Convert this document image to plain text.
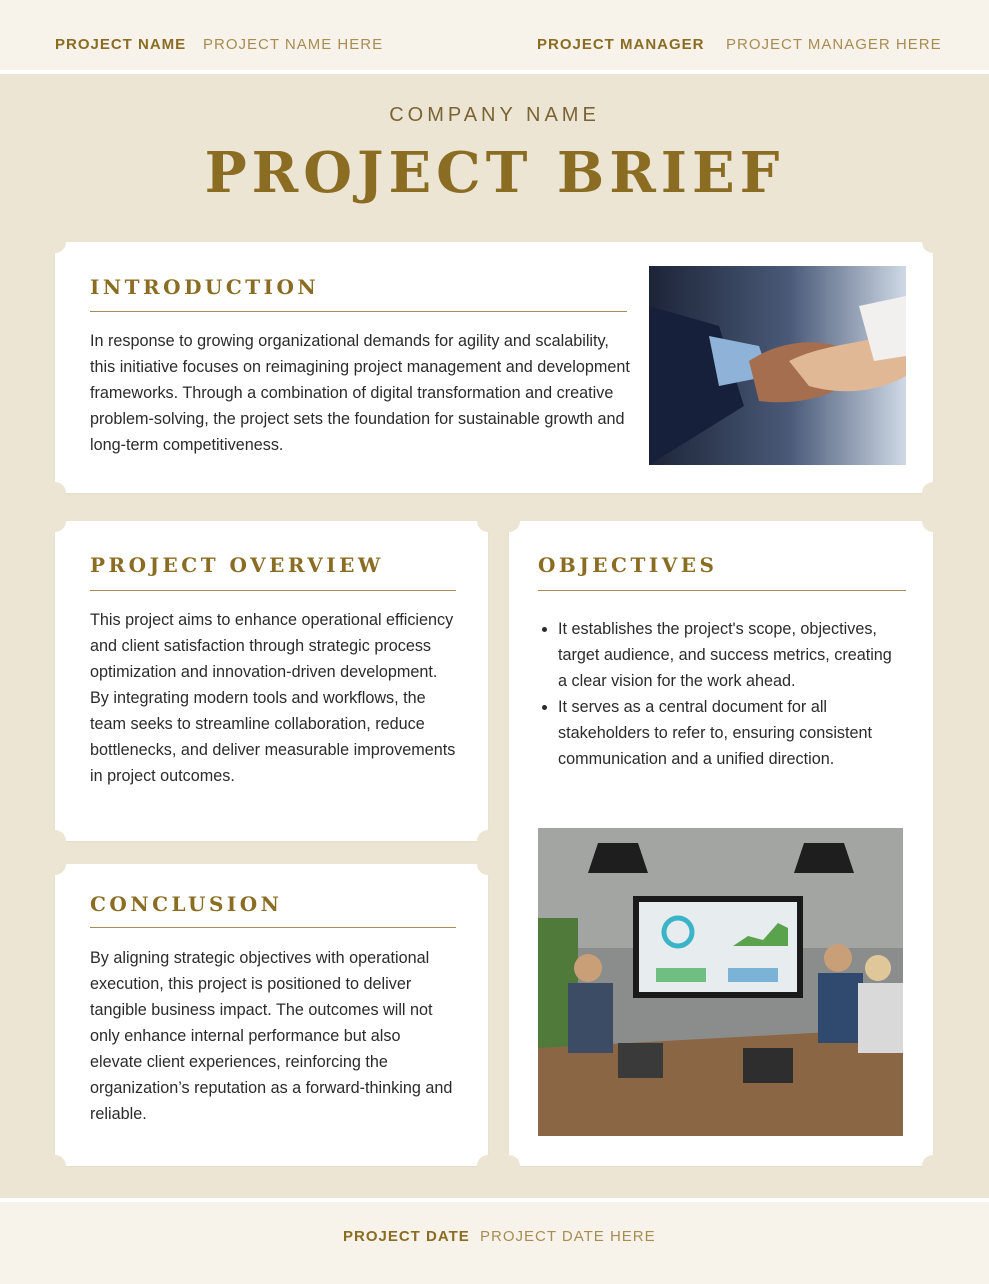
PROJECT NAME PROJECT NAME HERE	PROJECT MANAGER PROJECT MANAGER HERE
COMPANY NAME
PROJECT BRIEF
INTRODUCTION

In response to growing organizational demands for agility and scalability, this initiative focuses on reimagining project management and development frameworks. Through a combination of digital transformation and creative problem-solving, the project sets the foundation for sustainable growth and long-term competitiveness.

PROJECT OVERVIEW

This project aims to enhance operational efficiency and client satisfaction through strategic process optimization and innovation-driven development. By integrating modern tools and workflows, the team seeks to streamline collaboration, reduce bottlenecks, and deliver measurable improvements in project outcomes.

CONCLUSION

By aligning strategic objectives with operational execution, this project is positioned to deliver tangible business impact. The outcomes will not only enhance internal performance but also elevate client experiences, reinforcing the organization’s reputation as a forward-thinking and reliable.

OBJECTIVES
• It establishes the project's scope, objectives, target audience, and success metrics, creating a clear vision for the work ahead.
• It serves as a central document for all stakeholders to refer to, ensuring consistent communication and a unified direction.
PROJECT DATE PROJECT DATE HERE
